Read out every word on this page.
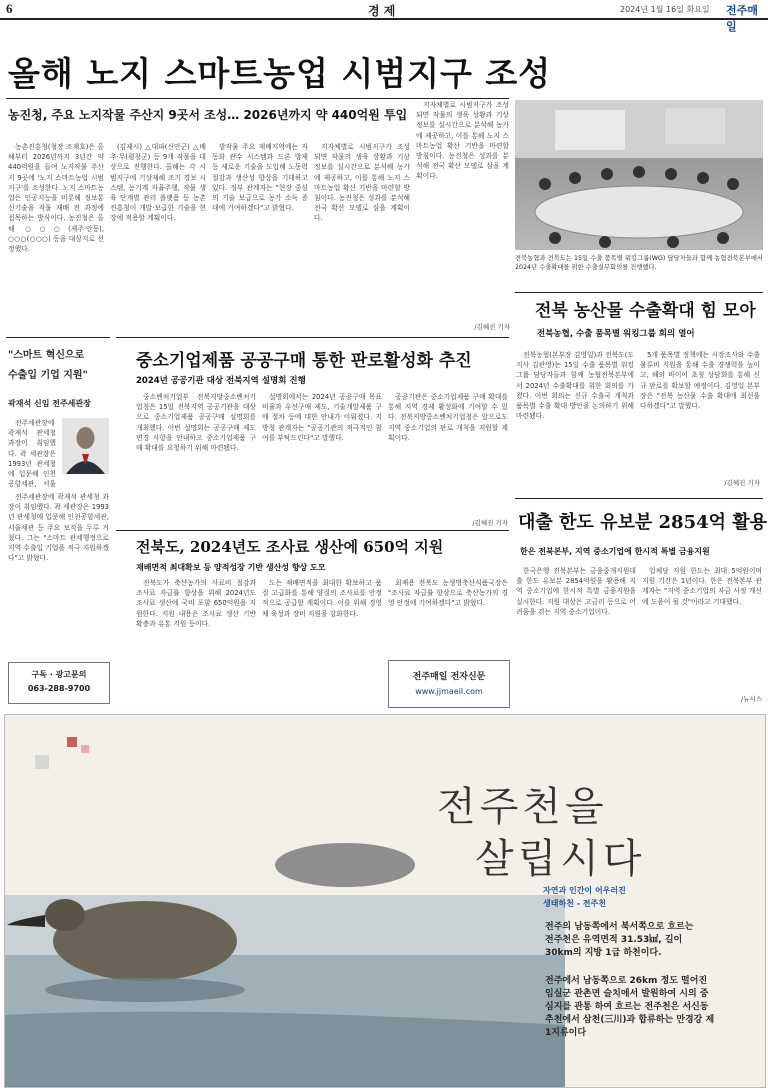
6	경 제	2024년 1월 16일 화요일 전주매일
올해 노지 스마트농업 시범지구 조성
농진청, 주요 노지작물 주산지 9곳서 조성… 2026년까지 약 440억원 투입

농촌진흥청(청장 조재호)은 올해부터 2026년까지 3년간 약 440억원을 들여 노지작물 주산지 9곳에 '노지 스마트농업 시범지구'를 조성한다. 노지 스마트농업은 인공지능을 비롯해 정보통신기술을 작물 재배 전 과정에 접목하는 방식이다. 농진청은 올해 ○○○(제주·안동), ○○○(○○○) 등을 대상지로 선정했다.

(김제시) △대파(신안군) △배추·무(평창군) 등 9개 작물을 대상으로 진행한다. 올해는 각 시범지구에 기상재해 조기 경보 시스템, 농기계 자율주행, 작물 생육 단계별 관리 플랫폼 등 농촌진흥청이 개발·보급한 기술을 현장에 적용할 계획이다.

밭작물 주요 재배지역에는 자동화 관수 시스템과 드론 방제 등 새로운 기술을 도입해 노동력 절감과 생산성 향상을 기대하고 있다. 정부 관계자는 "현장 중심의 기술 보급으로 농가 소득 증대에 기여하겠다"고 밝혔다.

지자체별로 시범지구가 조성되면 작물의 생육 상황과 기상 정보를 실시간으로 분석해 농가에 제공하고, 이를 통해 노지 스마트농업 확산 기반을 마련할 방침이다. 농진청은 성과를 분석해 전국 확산 모델로 삼을 계획이다.

지자체별로 시범지구가 조성되면 작물의 생육 상황과 기상 정보를 실시간으로 분석해 농가에 제공하고, 이를 통해 노지 스마트농업 확산 기반을 마련할 방침이다. 농진청은 성과를 분석해 전국 확산 모델로 삼을 계획이다.

/김혜진 기자
전북농협과 전북도는 15일 수출 품목별 워킹그룹(WG) 담당자들과 함께 농협전북본부에서 2024년 수출확대를 위한 수출실무회의를 진행했다.
전북 농산물 수출확대 힘 모아
전북농협, 수출 품목별 워킹그룹 회의 열어

전북농협(본부장 김영일)과 전북도(도지사 김관영)는 15일 수출 품목별 워킹그룹 담당자들과 함께 농협전북본부에서 2024년 수출확대를 위한 회의를 가졌다. 이번 회의는 신규 수출국 개척과 품목별 수출 확대 방안을 논의하기 위해 마련됐다.

5개 품목별 정책에는 시장조사와 수출 물류비 지원을 통해 수출 경쟁력을 높이고, 해외 바이어 초청 상담회를 통해 신규 판로를 확보할 예정이다. 김영일 본부장은 "전북 농산물 수출 확대에 최선을 다하겠다"고 말했다.

/김혜진 기자
"스마트 혁신으로
수출입 기업 지원"
곽재석 신임 전주세관장

전주세관장에 곽재석 관세청 과장이 취임했다. 곽 세관장은 1993년 관세청에 입문해 인천공항세관, 서울

전주세관장에 곽재석 관세청 과장이 취임했다. 곽 세관장은 1993년 관세청에 입문해 인천공항세관, 서울세관 등 주요 보직을 두루 거쳤다. 그는 "스마트 관세행정으로 지역 수출입 기업을 적극 지원하겠다"고 밝혔다.

중소기업제품 공공구매 통한 판로활성화 추진
2024년 공공기관 대상 전북지역 설명회 진행

중소벤처기업부 전북지방중소벤처기업청은 15일 전북지역 공공기관을 대상으로 중소기업제품 공공구매 설명회를 개최했다. 이번 설명회는 공공구매 제도 변경 사항을 안내하고 중소기업제품 구매 확대를 요청하기 위해 마련됐다.

설명회에서는 2024년 공공구매 목표 비율과 우선구매 제도, 기술개발제품 구매 절차 등에 대한 안내가 이뤄졌다. 지방청 관계자는 "공공기관의 적극적인 참여를 부탁드린다"고 말했다.

공공기관은 중소기업제품 구매 확대를 통해 지역 경제 활성화에 기여할 수 있다. 전북지방중소벤처기업청은 앞으로도 지역 중소기업의 판로 개척을 지원할 계획이다.

/김혜진 기자
전북도, 2024년도 조사료 생산에 650억 지원
재배면적 최대확보 등 양적성장 기반 생산성 향상 도모

전북도가 축산농가의 사료비 절감과 조사료 자급률 향상을 위해 2024년도 조사료 생산에 국비 포함 650억원을 지원한다. 지원 내용은 조사료 생산 기반 확충과 유통 지원 등이다.

도는 재배면적을 최대한 확보하고 품질 고급화를 통해 양질의 조사료를 안정적으로 공급할 계획이다. 이를 위해 경영체 육성과 장비 지원을 강화한다.

최재용 전북도 농생명축산식품국장은 "조사료 자급률 향상으로 축산농가의 경영 안정에 기여하겠다"고 밝혔다.

구독 · 광고문의
063-288-9700
대출 한도 유보분 2854억 활용
한은 전북본부, 지역 중소기업에 한시적 특별 금융지원

한국은행 전북본부는 금융중개지원대출 한도 유보분 2854억원을 활용해 지역 중소기업에 한시적 특별 금융지원을 실시한다. 지원 대상은 고금리 등으로 어려움을 겪는 지역 중소기업이다.

업체당 지원 한도는 최대 5억원이며 지원 기간은 1년이다. 한은 전북본부 관계자는 "지역 중소기업의 자금 사정 개선에 도움이 될 것"이라고 기대했다.

/뉴시스
전주매일 전자신문
www.jjmaeil.com
전주천을
살립시다
자연과 인간이 어우러진
생태하천 - 전주천
전주의 남동쪽에서 북서쪽으로 흐르는 전주천은 유역면적 31.53㎢, 길이 30km의 지방 1급 하천이다.
전주에서 남동쪽으로 26km 정도 떨어진 임실군 관촌면 슬치에서 발원하여 시의 중심지를 관통 하여 흐르는 전주천은 서신동 추천에서 삼천(三川)과 합류하는 만경강 제1지류이다
